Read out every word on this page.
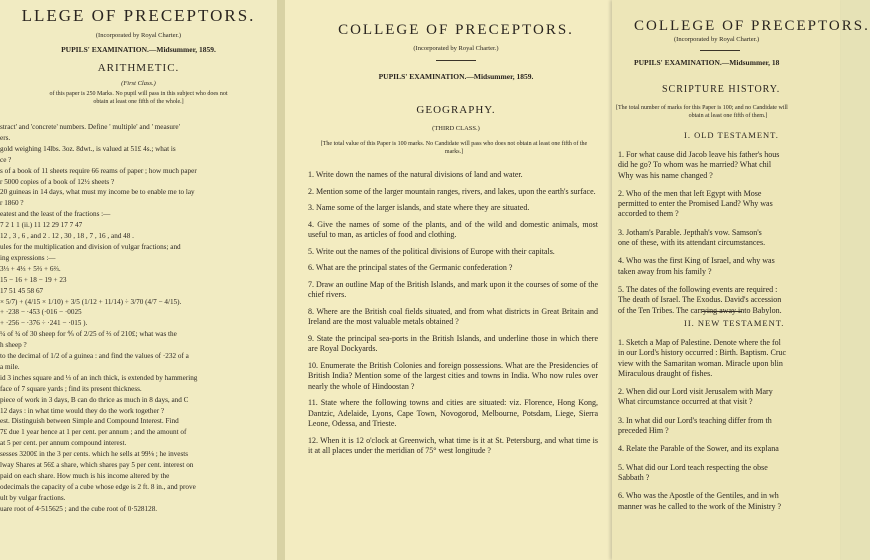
LLEGE OF PRECEPTORS.
(Incorporated by Royal Charter.)
PUPILS' EXAMINATION.—Midsummer, 1859.
ARITHMETIC.
(First Class.)
of this paper is 250 Marks. No pupil will pass in this subject who does not
obtain at least one fifth of the whole.]
stract' and 'concrete' numbers. Define ' multiple' and ' measure'
ers.
gold weighing 14lbs. 3oz. 8dwt., is valued at 51£ 4s.; what is
ce ?
s of a book of 11 sheets require 66 reams of paper ; how much paper
r 5000 copies of a book of 12½ sheets ?
20 guineas in 14 days, what must my income be to enable me to lay
r 1860 ?
eatest and the least of the fractions :—
7 2 1 1 (ii.) 11 12 29 17 7 47
12 , 3 , 6 , and 2 . 12 , 30 , 18 , 7 , 16 , and 48 .
ules for the multiplication and division of vulgar fractions; and
ing expressions :—
3⅓ + 4⅓ + 5⅔ + 6⅔.
15 − 16 + 18 − 19 + 23
17 51 45 58 67
× 5/7) + (4/15 × 1/10) + 3/5 (1/12 + 11/14) ÷ 3/70 (4/7 − 4/15).
+ ·238 − ·453 (·016 − ·0025
+ ·256 − ·376 ÷ ·241 − ·015 ).
¼ of ¾ of 30 sheep for ⅘ of 2/25 of ⅔ of 210£; what was the
h sheep ?
to the decimal of 1/2 of a guinea : and find the values of ·232 of a
a mile.
id 3 inches square and ⅓ of an inch thick, is extended by hammering
face of 7 square yards ; find its present thickness.
piece of work in 3 days, B can do thrice as much in 8 days, and C
12 days : in what time would they do the work together ?
est. Distinguish between Simple and Compound Interest. Find
7£ due 1 year hence at 1 per cent. per annum ; and the amount of
at 5 per cent. per annum compound interest.
sesses 3200£ in the 3 per cents. which he sells at 99⅛ ; he invests
lway Shares at 56£ a share, which shares pay 5 per cent. interest on
paid on each share. How much is his income altered by the
odecimals the capacity of a cube whose edge is 2 ft. 8 in., and prove
ult by vulgar fractions.
uare root of 4·515625 ; and the cube root of 0·528128.
COLLEGE OF PRECEPTORS.
(Incorporated by Royal Charter.)
PUPILS' EXAMINATION.—Midsummer, 1859.
GEOGRAPHY.
(THIRD CLASS.)
[The total value of this Paper is 100 marks. No Candidate will pass who does not obtain at least one fifth of the marks.]

1. Write down the names of the natural divisions of land and water.

2. Mention some of the larger mountain ranges, rivers, and lakes, upon the earth's surface.

3. Name some of the larger islands, and state where they are situated.

4. Give the names of some of the plants, and of the wild and domestic animals, most useful to man, as articles of food and clothing.

5. Write out the names of the political divisions of Europe with their capitals.

6. What are the principal states of the Germanic confederation ?

7. Draw an outline Map of the British Islands, and mark upon it the courses of some of the chief rivers.

8. Where are the British coal fields situated, and from what districts in Great Britain and Ireland are the most valuable metals obtained ?

9. State the principal sea-ports in the British Islands, and underline those in which there are Royal Dockyards.

10. Enumerate the British Colonies and foreign possessions. What are the Presidencies of British India? Mention some of the largest cities and towns in India. Who now rules over nearly the whole of Hindoostan ?

11. State where the following towns and cities are situated: viz. Florence, Hong Kong, Dantzic, Adelaide, Lyons, Cape Town, Novogorod, Melbourne, Potsdam, Liege, Sierra Leone, Odessa, and Trieste.

12. When it is 12 o'clock at Greenwich, what time is it at St. Petersburg, and what time is it at all places under the meridian of 75° west longitude ?

COLLEGE OF PRECEPTORS.
(Incorporated by Royal Charter.)
PUPILS' EXAMINATION.—Midsummer, 18
SCRIPTURE HISTORY.
[The total number of marks for this Paper is 100; and no Candidate will
obtain at least one fifth of them.]
I. OLD TESTAMENT.
1. For what cause did Jacob leave his father's hous
did he go? To whom was he married? What chil
Why was his name changed ?
2. Who of the men that left Egypt with Mose
permitted to enter the Promised Land? Why was
accorded to them ?
3. Jotham's Parable. Jepthah's vow. Samson's
one of these, with its attendant circumstances.
4. Who was the first King of Israel, and why was
taken away from his family ?
5. The dates of the following events are required :
The death of Israel. The Exodus. David's accession
of the Ten Tribes. The carrying away into Babylon.
II. NEW TESTAMENT.
1. Sketch a Map of Palestine. Denote where the fol
in our Lord's history occurred : Birth. Baptism. Cruc
view with the Samaritan woman. Miracle upon blin
Miraculous draught of fishes.
2. When did our Lord visit Jerusalem with Mary
What circumstance occurred at that visit ?
3. In what did our Lord's teaching differ from th
preceded Him ?
4. Relate the Parable of the Sower, and its explana
5. What did our Lord teach respecting the obse
Sabbath ?
6. Who was the Apostle of the Gentiles, and in wh
manner was he called to the work of the Ministry ?
